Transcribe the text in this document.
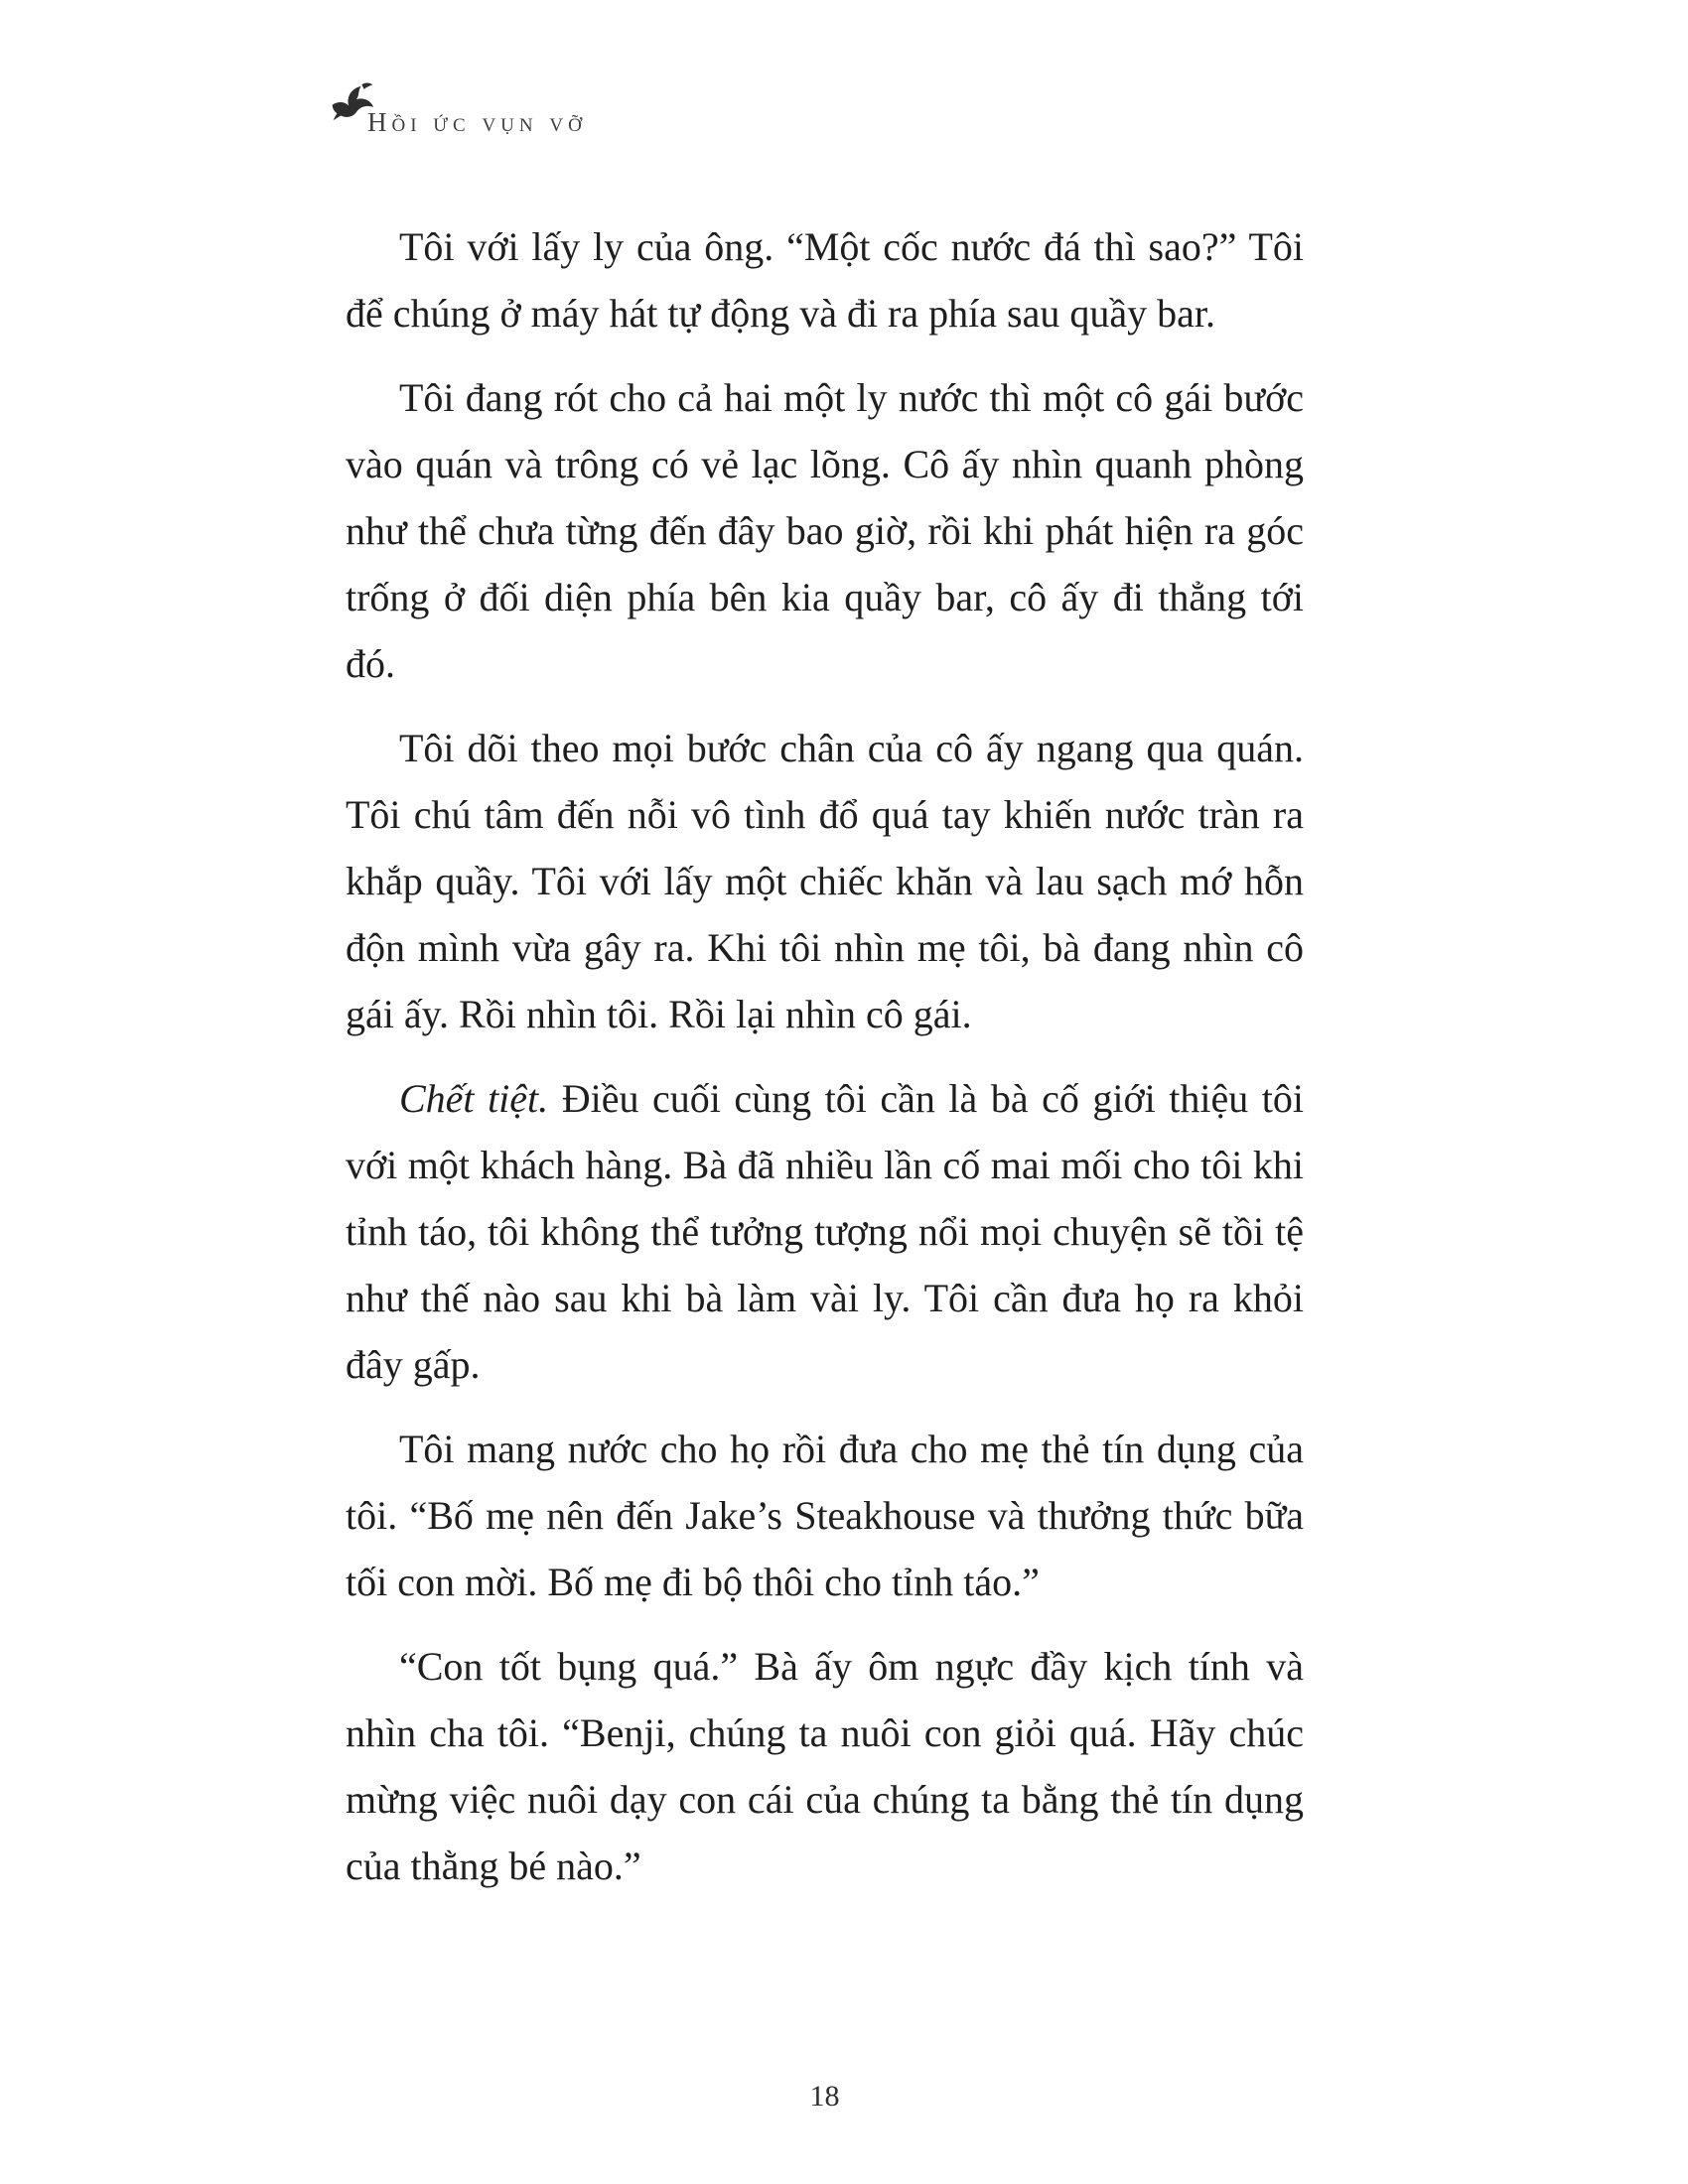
Hồi ức vụn vỡ

Tôi với lấy ly của ông. “Một cốc nước đá thì sao?” Tôi để chúng ở máy hát tự động và đi ra phía sau quầy bar.

Tôi đang rót cho cả hai một ly nước thì một cô gái bước vào quán và trông có vẻ lạc lõng. Cô ấy nhìn quanh phòng như thể chưa từng đến đây bao giờ, rồi khi phát hiện ra góc trống ở đối diện phía bên kia quầy bar, cô ấy đi thẳng tới đó.

Tôi dõi theo mọi bước chân của cô ấy ngang qua quán. Tôi chú tâm đến nỗi vô tình đổ quá tay khiến nước tràn ra khắp quầy. Tôi với lấy một chiếc khăn và lau sạch mớ hỗn độn mình vừa gây ra. Khi tôi nhìn mẹ tôi, bà đang nhìn cô gái ấy. Rồi nhìn tôi. Rồi lại nhìn cô gái.

Chết tiệt. Điều cuối cùng tôi cần là bà cố giới thiệu tôi với một khách hàng. Bà đã nhiều lần cố mai mối cho tôi khi tỉnh táo, tôi không thể tưởng tượng nổi mọi chuyện sẽ tồi tệ như thế nào sau khi bà làm vài ly. Tôi cần đưa họ ra khỏi đây gấp.

Tôi mang nước cho họ rồi đưa cho mẹ thẻ tín dụng của tôi. “Bố mẹ nên đến Jake’s Steakhouse và thưởng thức bữa tối con mời. Bố mẹ đi bộ thôi cho tỉnh táo.”

“Con tốt bụng quá.” Bà ấy ôm ngực đầy kịch tính và nhìn cha tôi. “Benji, chúng ta nuôi con giỏi quá. Hãy chúc mừng việc nuôi dạy con cái của chúng ta bằng thẻ tín dụng của thằng bé nào.”

18
